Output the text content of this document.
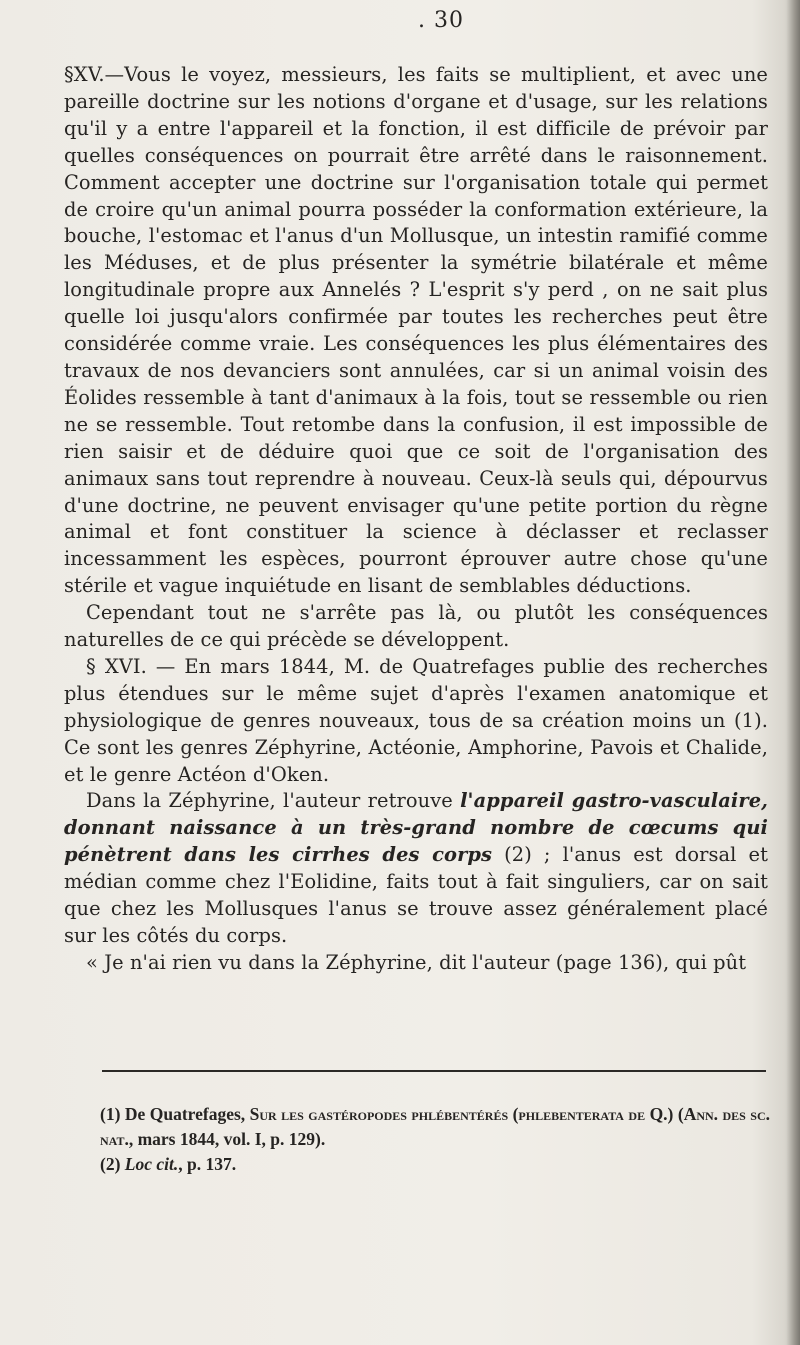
. 30

§XV.—Vous le voyez, messieurs, les faits se multiplient, et avec une pareille doctrine sur les notions d'organe et d'usage, sur les relations qu'il y a entre l'appareil et la fonction, il est difficile de prévoir par quelles conséquences on pourrait être arrêté dans le raisonnement. Comment accepter une doctrine sur l'organisation totale qui permet de croire qu'un animal pourra posséder la conformation extérieure, la bouche, l'estomac et l'anus d'un Mollusque, un intestin ramifié comme les Méduses, et de plus présenter la symétrie bilatérale et même longitudinale propre aux Annelés ? L'esprit s'y perd , on ne sait plus quelle loi jusqu'alors confirmée par toutes les recherches peut être considérée comme vraie. Les conséquences les plus élémentaires des travaux de nos devanciers sont annulées, car si un animal voisin des Éolides ressemble à tant d'animaux à la fois, tout se ressemble ou rien ne se ressemble. Tout retombe dans la confusion, il est impossible de rien saisir et de déduire quoi que ce soit de l'organisation des animaux sans tout reprendre à nouveau. Ceux-là seuls qui, dépourvus d'une doctrine, ne peuvent envisager qu'une petite portion du règne animal et font constituer la science à déclasser et reclasser incessamment les espèces, pourront éprouver autre chose qu'une stérile et vague inquiétude en lisant de semblables déductions.

Cependant tout ne s'arrête pas là, ou plutôt les conséquences naturelles de ce qui précède se développent.

§ XVI. — En mars 1844, M. de Quatrefages publie des recherches plus étendues sur le même sujet d'après l'examen anatomique et physiologique de genres nouveaux, tous de sa création moins un (1). Ce sont les genres Zéphyrine, Actéonie, Amphorine, Pavois et Chalide, et le genre Actéon d'Oken.

Dans la Zéphyrine, l'auteur retrouve l'appareil gastro-vasculaire, donnant naissance à un très-grand nombre de cœcums qui pénètrent dans les cirrhes des corps (2) ; l'anus est dorsal et médian comme chez l'Eolidine, faits tout à fait singuliers, car on sait que chez les Mollusques l'anus se trouve assez généralement placé sur les côtés du corps.

« Je n'ai rien vu dans la Zéphyrine, dit l'auteur (page 136), qui pût

(1) De Quatrefages, Sur les gastéropodes phlébentérés (phlebenterata de Q.) (Ann. des sc. nat., mars 1844, vol. I, p. 129).

(2) Loc cit., p. 137.
